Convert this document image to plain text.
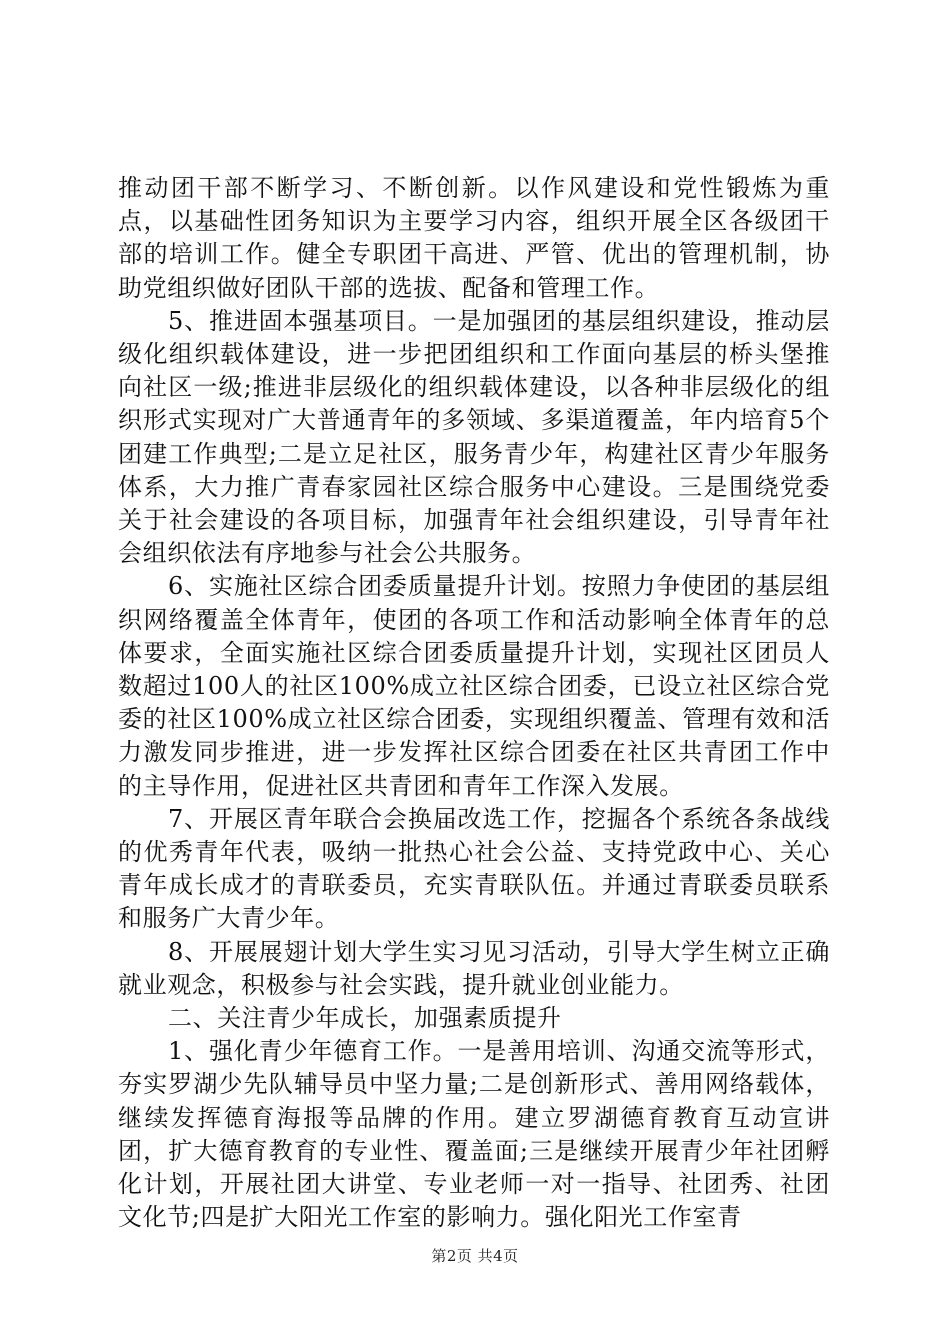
推动团干部不断学习、不断创新。以作风建设和党性锻炼为重点，以基础性团务知识为主要学习内容，组织开展全区各级团干部的培训工作。健全专职团干高进、严管、优出的管理机制，协助党组织做好团队干部的选拔、配备和管理工作。

5、推进固本强基项目。一是加强团的基层组织建设，推动层级化组织载体建设，进一步把团组织和工作面向基层的桥头堡推向社区一级;推进非层级化的组织载体建设，以各种非层级化的组织形式实现对广大普通青年的多领域、多渠道覆盖，年内培育5个团建工作典型;二是立足社区，服务青少年，构建社区青少年服务体系，大力推广青春家园社区综合服务中心建设。三是围绕党委关于社会建设的各项目标，加强青年社会组织建设，引导青年社会组织依法有序地参与社会公共服务。

6、实施社区综合团委质量提升计划。按照力争使团的基层组织网络覆盖全体青年，使团的各项工作和活动影响全体青年的总体要求，全面实施社区综合团委质量提升计划，实现社区团员人数超过100人的社区100%成立社区综合团委，已设立社区综合党委的社区100%成立社区综合团委，实现组织覆盖、管理有效和活力激发同步推进，进一步发挥社区综合团委在社区共青团工作中的主导作用，促进社区共青团和青年工作深入发展。

7、开展区青年联合会换届改选工作，挖掘各个系统各条战线的优秀青年代表，吸纳一批热心社会公益、支持党政中心、关心青年成长成才的青联委员，充实青联队伍。并通过青联委员联系和服务广大青少年。

8、开展展翅计划大学生实习见习活动，引导大学生树立正确就业观念，积极参与社会实践，提升就业创业能力。

二、关注青少年成长，加强素质提升

1、强化青少年德育工作。一是善用培训、沟通交流等形式，夯实罗湖少先队辅导员中坚力量;二是创新形式、善用网络载体，继续发挥德育海报等品牌的作用。建立罗湖德育教育互动宣讲团，扩大德育教育的专业性、覆盖面;三是继续开展青少年社团孵化计划，开展社团大讲堂、专业老师一对一指导、社团秀、社团文化节;四是扩大阳光工作室的影响力。强化阳光工作室青

第2页 共4页
